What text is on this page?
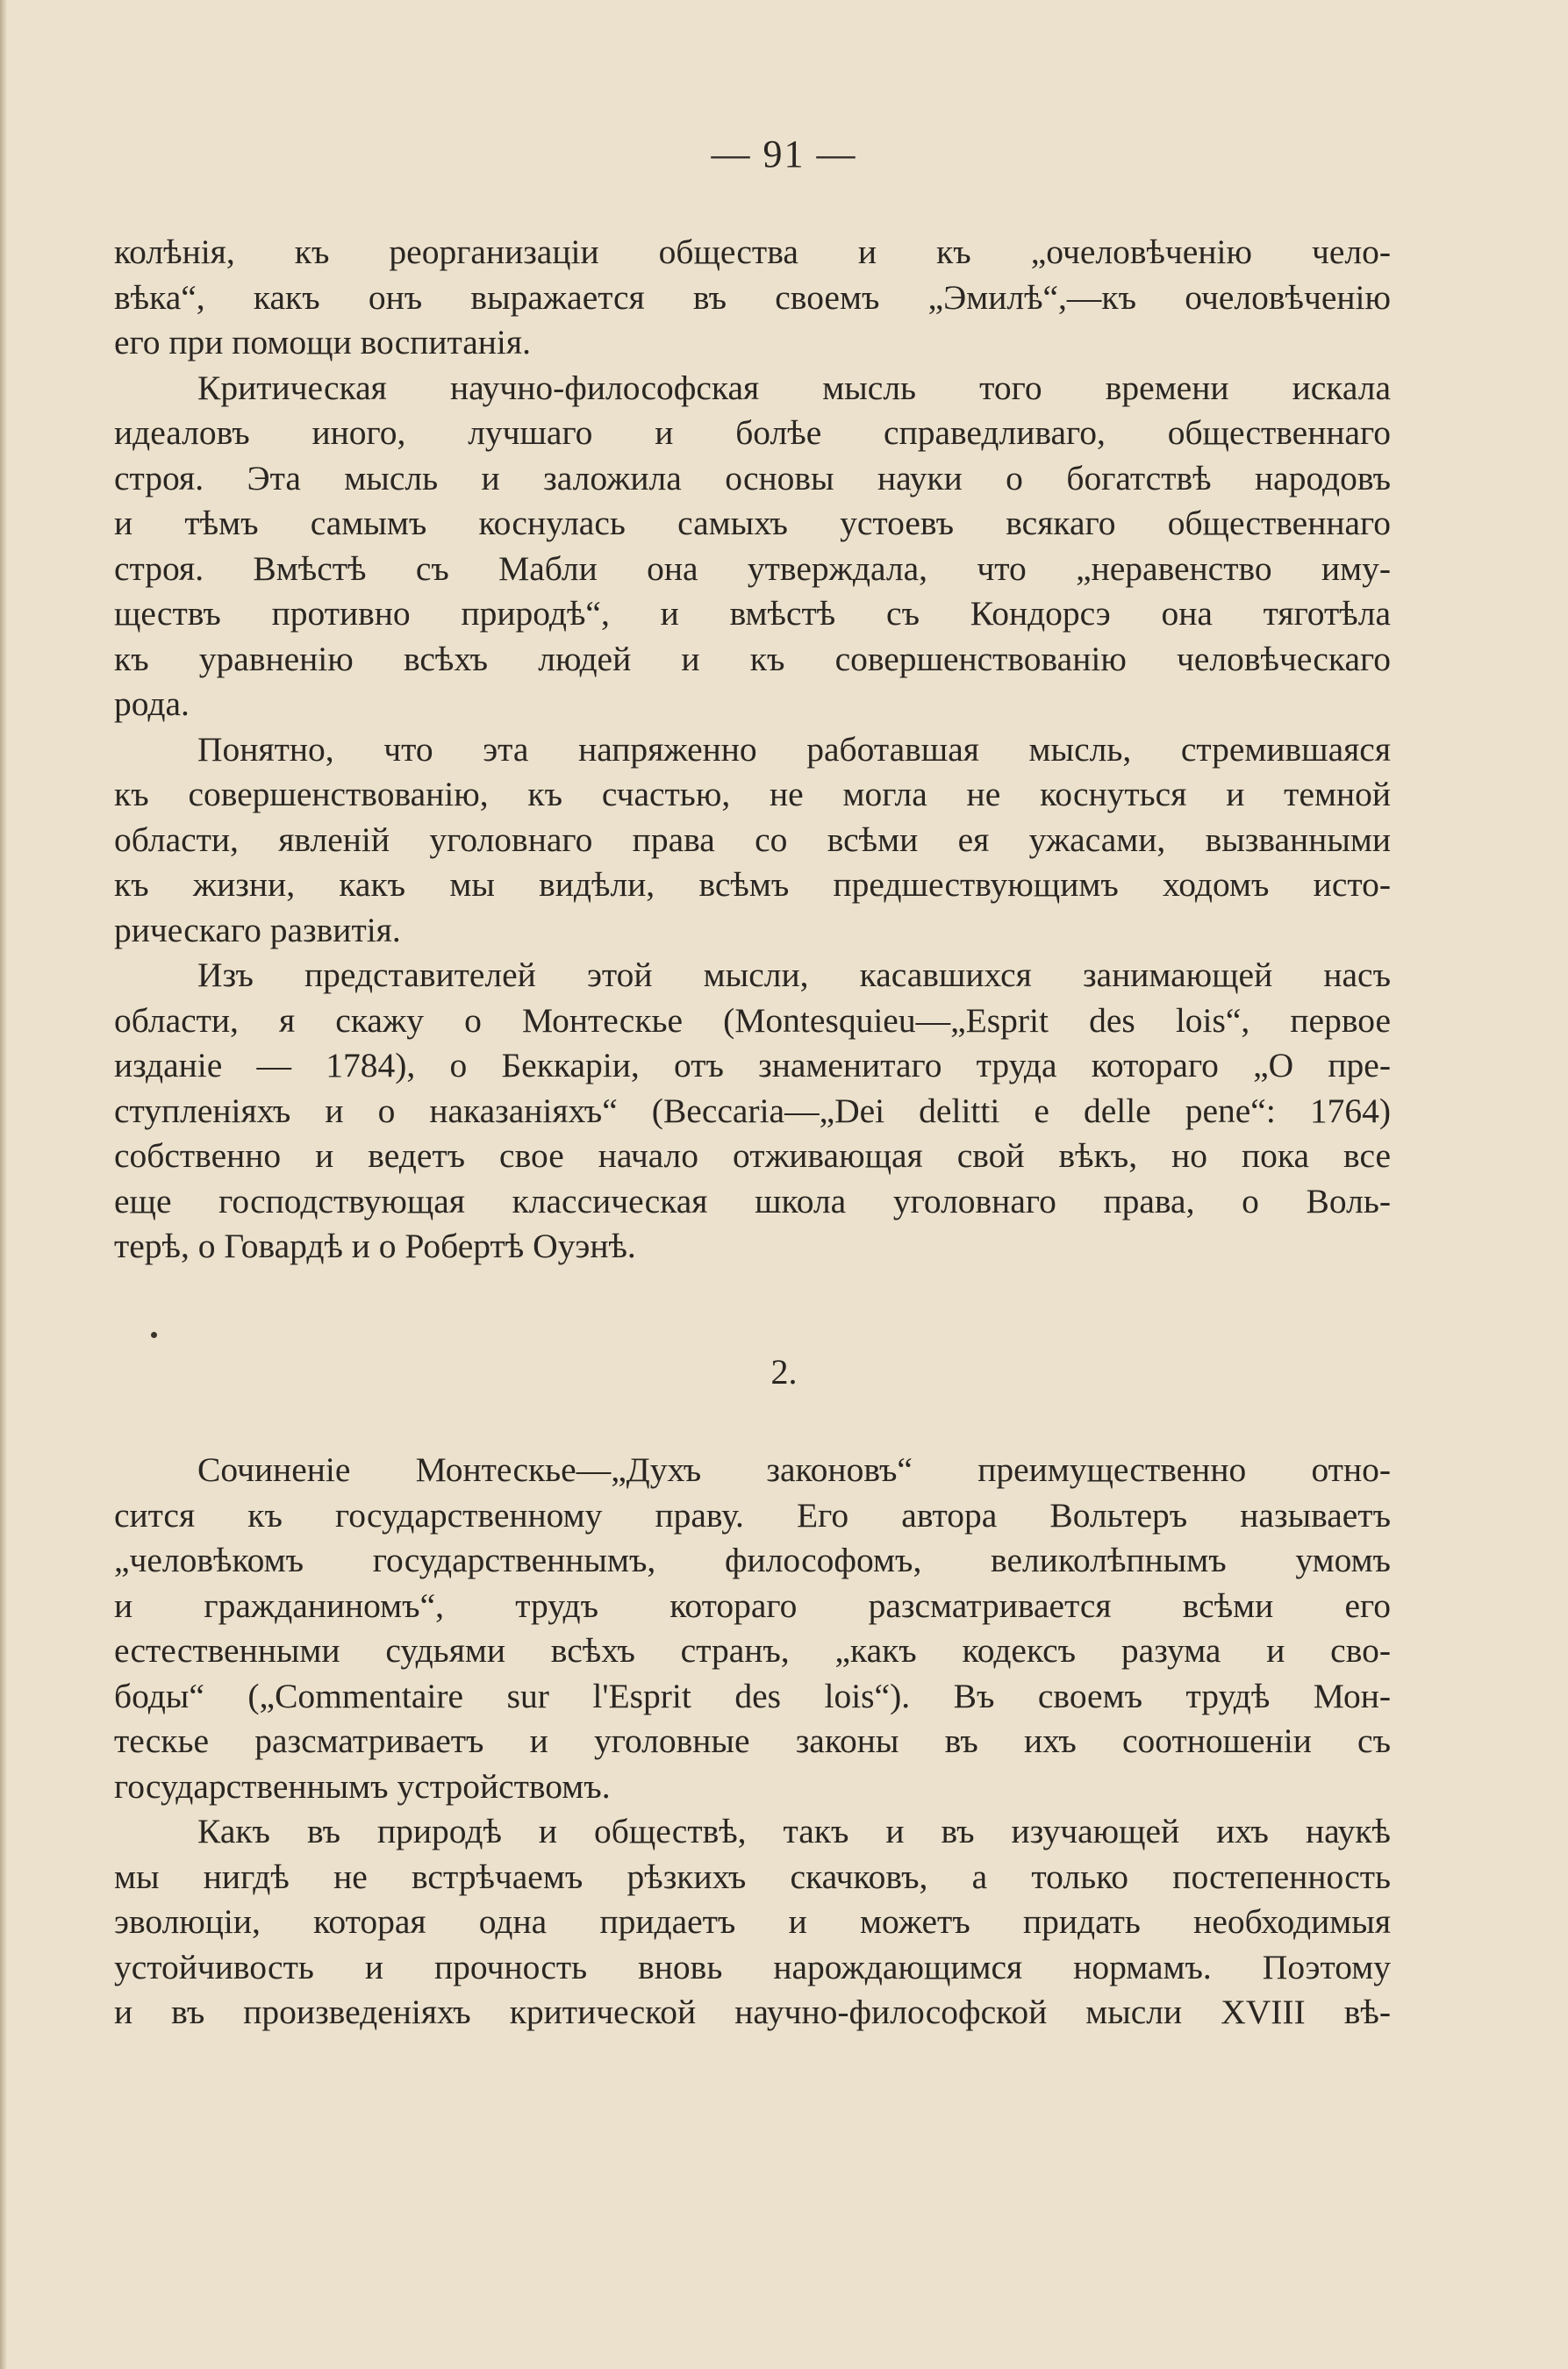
— 91 —
колѣнія, къ реорганизаціи общества и къ „очеловѣченію чело-
вѣка“, какъ онъ выражается въ своемъ „Эмилѣ“,—къ очеловѣченію
его при помощи воспитанія.
Критическая научно-философская мысль того времени искала
идеаловъ иного, лучшаго и болѣе справедливаго, общественнаго
строя. Эта мысль и заложила основы науки о богатствѣ народовъ
и тѣмъ самымъ коснулась самыхъ устоевъ всякаго общественнаго
строя. Вмѣстѣ съ Мабли она утверждала, что „неравенство иму-
ществъ противно природѣ“, и вмѣстѣ съ Кондорсэ она тяготѣла
къ уравненію всѣхъ людей и къ совершенствованію человѣческаго
рода.
Понятно, что эта напряженно работавшая мысль, стремившаяся
къ совершенствованію, къ счастью, не могла не коснуться и темной
области, явленій уголовнаго права со всѣми ея ужасами, вызванными
къ жизни, какъ мы видѣли, всѣмъ предшествующимъ ходомъ исто-
рическаго развитія.
Изъ представителей этой мысли, касавшихся занимающей насъ
области, я скажу о Монтескье (Montesquieu—„Esprit des lois“, первое
изданіе — 1784), о Беккаріи, отъ знаменитаго труда котораго „О пре-
ступленіяхъ и о наказаніяхъ“ (Beccaria—„Dei delitti e delle pene“: 1764)
собственно и ведетъ свое начало отживающая свой вѣкъ, но пока все
еще господствующая классическая школа уголовнаго права, о Воль-
терѣ, о Говардѣ и о Робертѣ Оуэнѣ.
2.
Сочиненіе Монтескье—„Духъ законовъ“ преимущественно отно-
сится къ государственному праву. Его автора Вольтеръ называетъ
„человѣкомъ государственнымъ, философомъ, великолѣпнымъ умомъ
и гражданиномъ“, трудъ котораго разсматривается всѣми его
естественными судьями всѣхъ странъ, „какъ кодексъ разума и сво-
боды“ („Commentaire sur l'Esprit des lois“). Въ своемъ трудѣ Мон-
тескье разсматриваетъ и уголовные законы въ ихъ соотношеніи съ
государственнымъ устройствомъ.
Какъ въ природѣ и обществѣ, такъ и въ изучающей ихъ наукѣ
мы нигдѣ не встрѣчаемъ рѣзкихъ скачковъ, а только постепенность
эволюціи, которая одна придаетъ и можетъ придать необходимыя
устойчивость и прочность вновь нарождающимся нормамъ. Поэтому
и въ произведеніяхъ критической научно-философской мысли XVIII вѣ-
